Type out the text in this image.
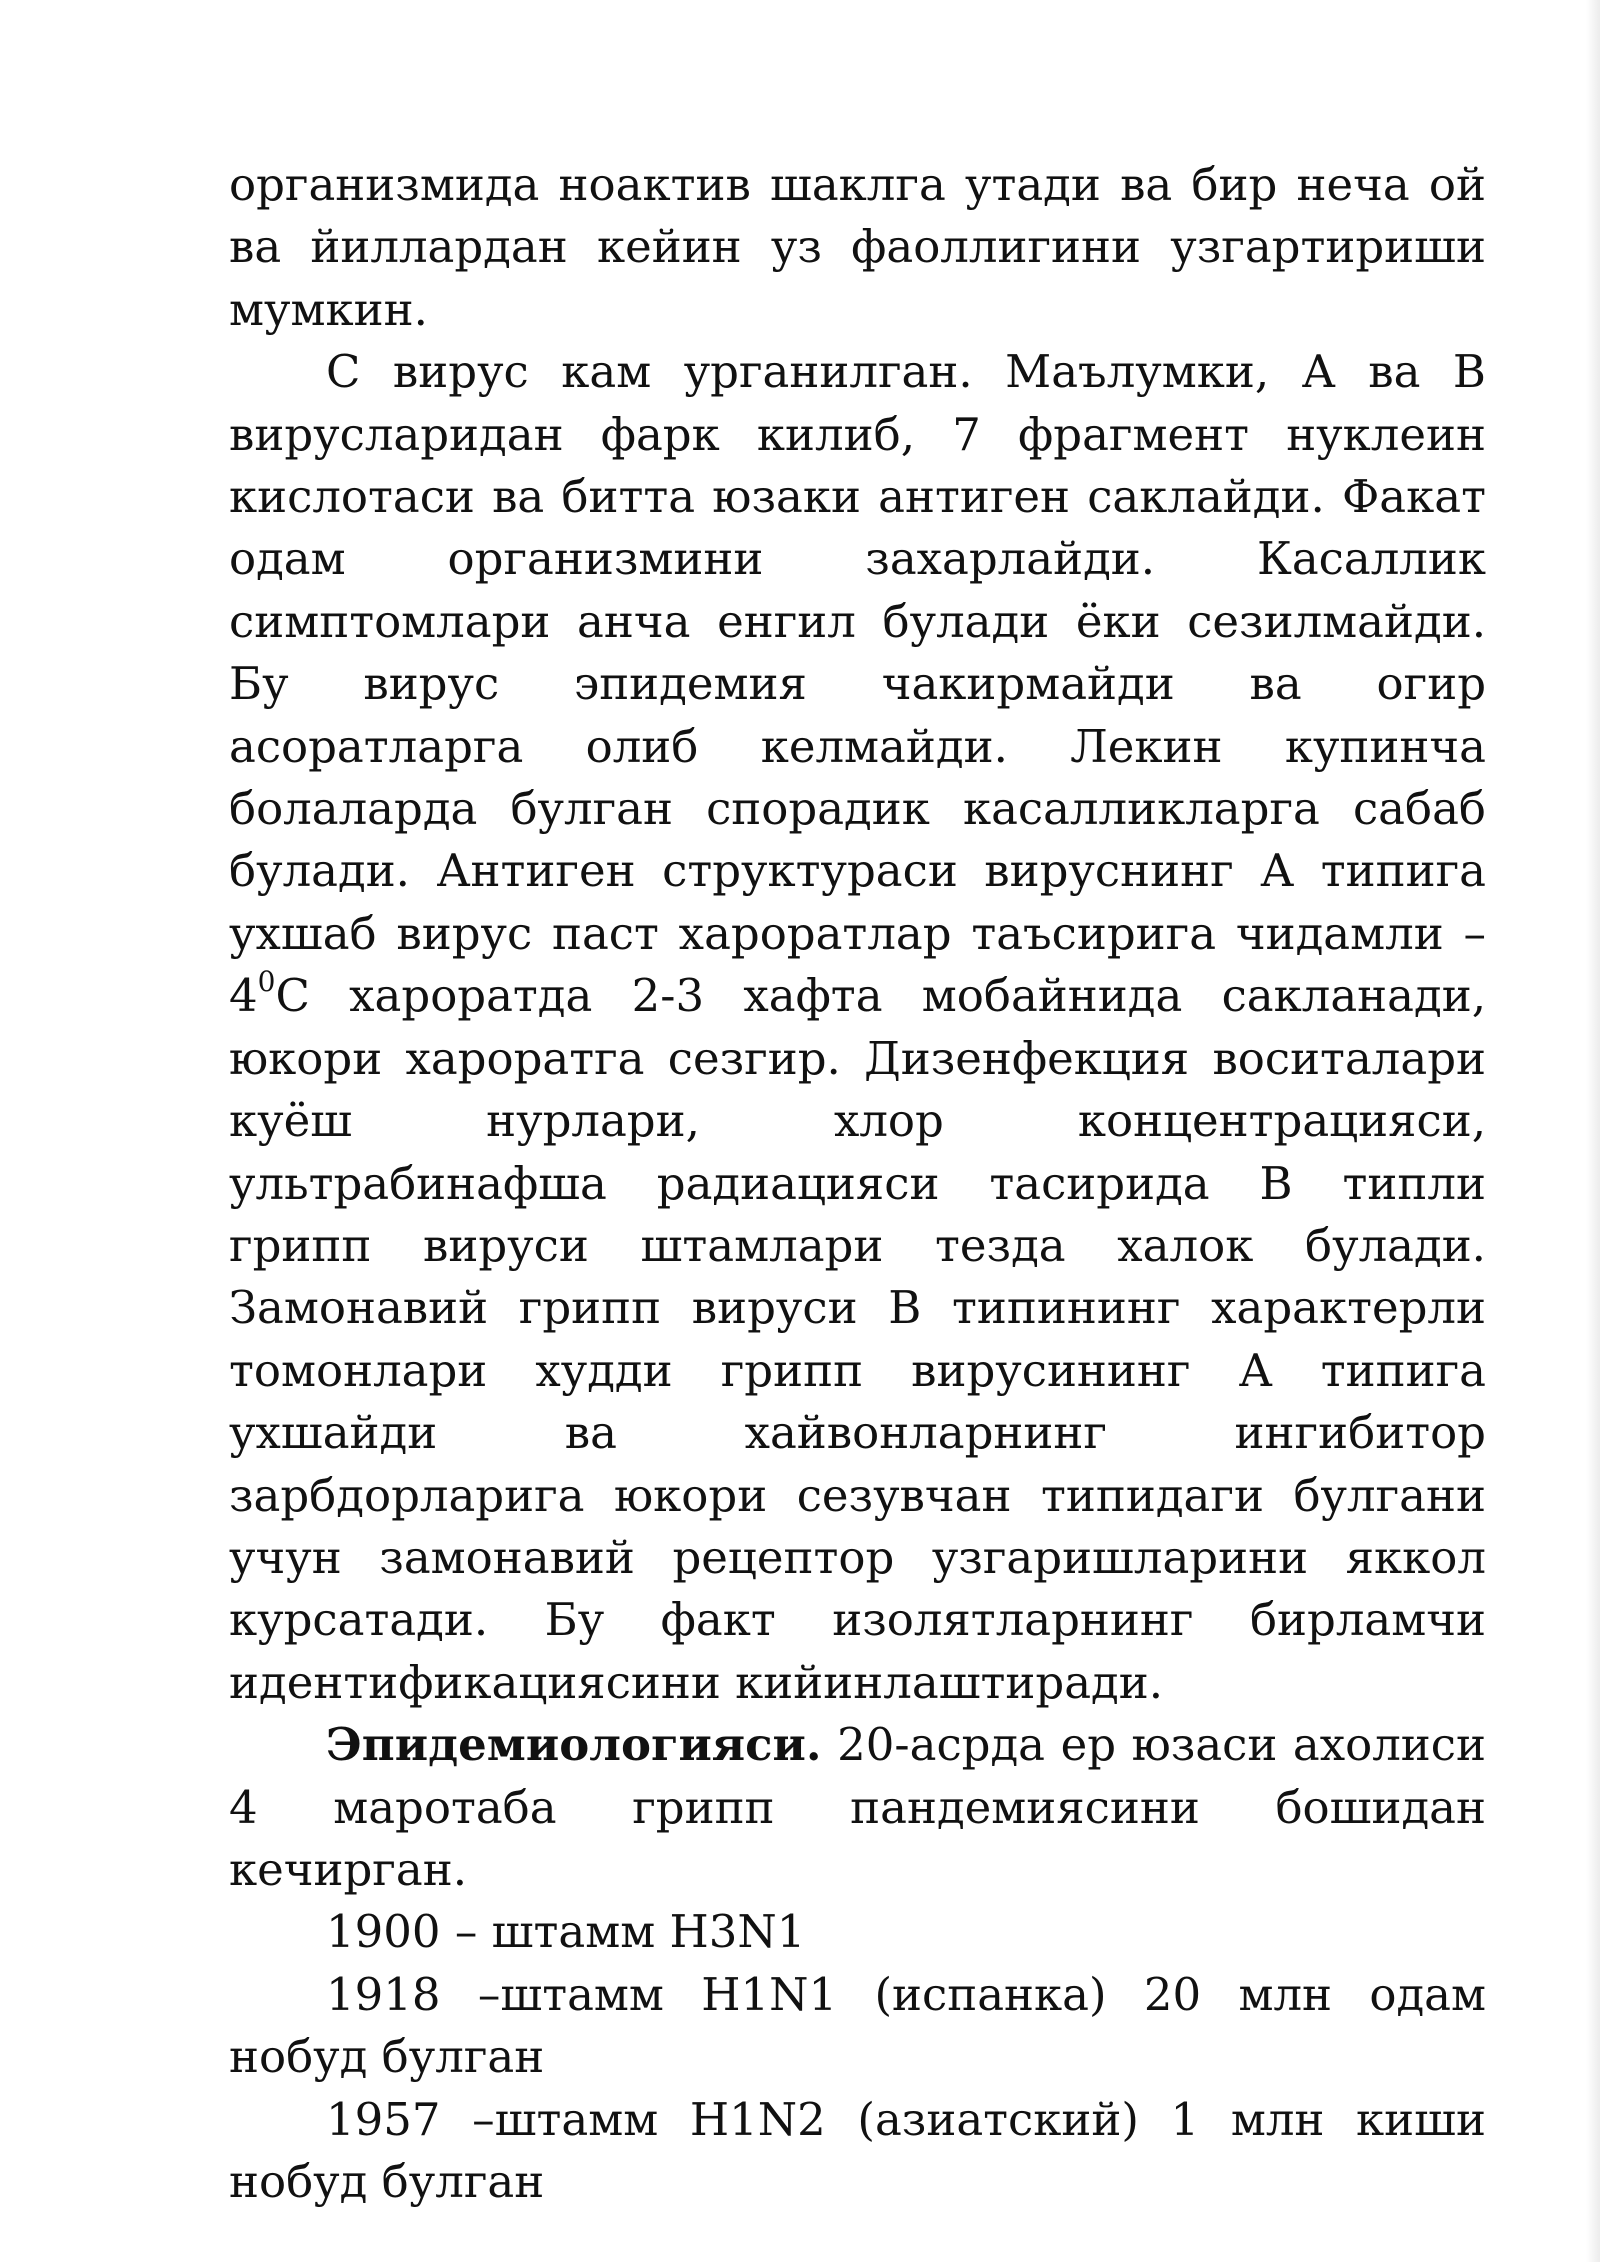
организмида ноактив шаклга утади ва бир неча ой ва йиллардан кейин уз фаоллигини узгартириши мумкин.

С вирус кам урганилган. Маълумки, А ва В вирусларидан фарк килиб, 7 фрагмент нуклеин кислотаси ва битта юзаки антиген саклайди. Факат одам организмини захарлайди. Касаллик симптомлари анча енгил булади ёки сезилмайди. Бу вирус эпидемия чакирмайди ва огир асоратларга олиб келмайди. Лекин купинча болаларда булган спорадик касалликларга сабаб булади. Антиген структураси вируснинг А типига ухшаб вирус паст хароратлар таъсирига чидамли $-4^0С$ хароратда 2-3 хафта мобайнида сакланади, юкори хароратга сезгир. Дизенфекция воситалари куёш нурлари, хлор концентрацияси, ультрабинафша радиацияси тасирида В типли грипп вируси штамлари тезда халок булади. Замонавий грипп вируси В типининг характерли томонлари худди грипп вирусининг А типига ухшайди ва хайвонларнинг ингибитор зарбдорларига юкори сезувчан типидаги булгани учун замонавий рецептор узгаришларини яккол курсатади. Бу факт изолятларнинг бирламчи идентификациясини кийинлаштиради.

Эпидемиологияси. 20-асрда ер юзаси ахолиси 4 маротаба грипп пандемиясини бошидан кечирган.

1900 – штамм H3N1

1918 –штамм H1N1 (испанка) 20 млн одам нобуд булган

1957 –штамм H1N2 (азиатский) 1 млн киши нобуд булган
